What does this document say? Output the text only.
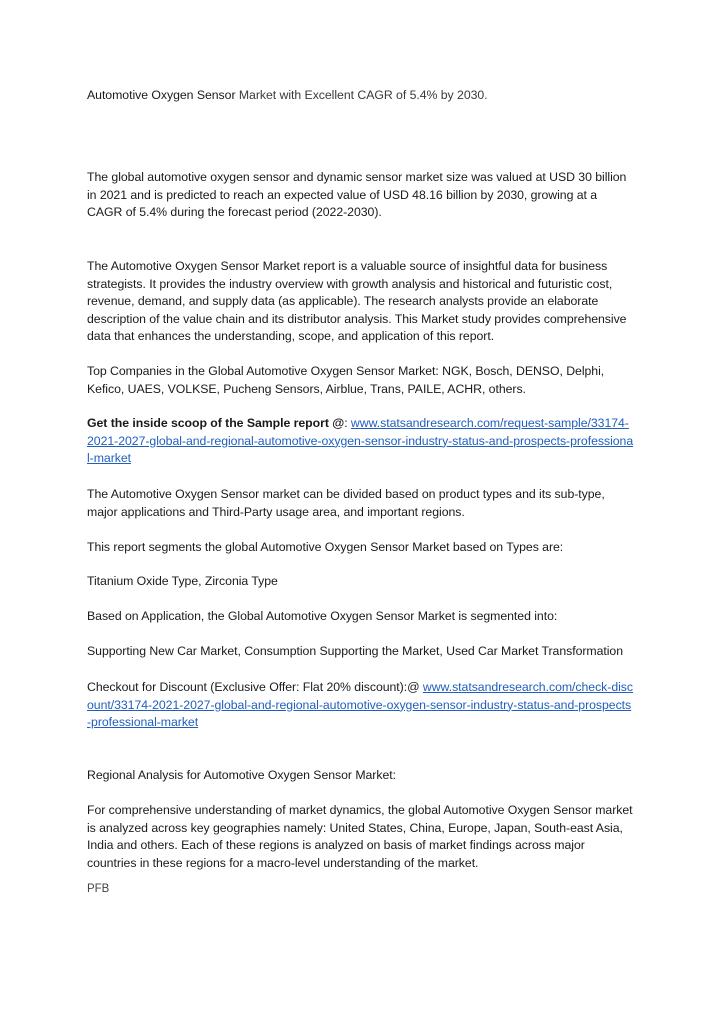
Automotive Oxygen Sensor Market with Excellent CAGR of 5.4% by 2030.

The global automotive oxygen sensor and dynamic sensor market size was valued at USD 30 billion in 2021 and is predicted to reach an expected value of USD 48.16 billion by 2030, growing at a CAGR of 5.4% during the forecast period (2022-2030).

The Automotive Oxygen Sensor Market report is a valuable source of insightful data for business strategists. It provides the industry overview with growth analysis and historical and futuristic cost, revenue, demand, and supply data (as applicable). The research analysts provide an elaborate description of the value chain and its distributor analysis. This Market study provides comprehensive data that enhances the understanding, scope, and application of this report.

Top Companies in the Global Automotive Oxygen Sensor Market: NGK, Bosch, DENSO, Delphi, Kefico, UAES, VOLKSE, Pucheng Sensors, Airblue, Trans, PAILE, ACHR, others.

Get the inside scoop of the Sample report @: www.statsandresearch.com/request-sample/33174-2021-2027-global-and-regional-automotive-oxygen-sensor-industry-status-and-prospects-professional-market

The Automotive Oxygen Sensor market can be divided based on product types and its sub-type, major applications and Third-Party usage area, and important regions.

This report segments the global Automotive Oxygen Sensor Market based on Types are:

Titanium Oxide Type, Zirconia Type

Based on Application, the Global Automotive Oxygen Sensor Market is segmented into:

Supporting New Car Market, Consumption Supporting the Market, Used Car Market Transformation

Checkout for Discount (Exclusive Offer: Flat 20% discount):@ www.statsandresearch.com/check-discount/33174-2021-2027-global-and-regional-automotive-oxygen-sensor-industry-status-and-prospects-professional-market

Regional Analysis for Automotive Oxygen Sensor Market:

For comprehensive understanding of market dynamics, the global Automotive Oxygen Sensor market is analyzed across key geographies namely: United States, China, Europe, Japan, South-east Asia, India and others. Each of these regions is analyzed on basis of market findings across major countries in these regions for a macro-level understanding of the market.

PFB
